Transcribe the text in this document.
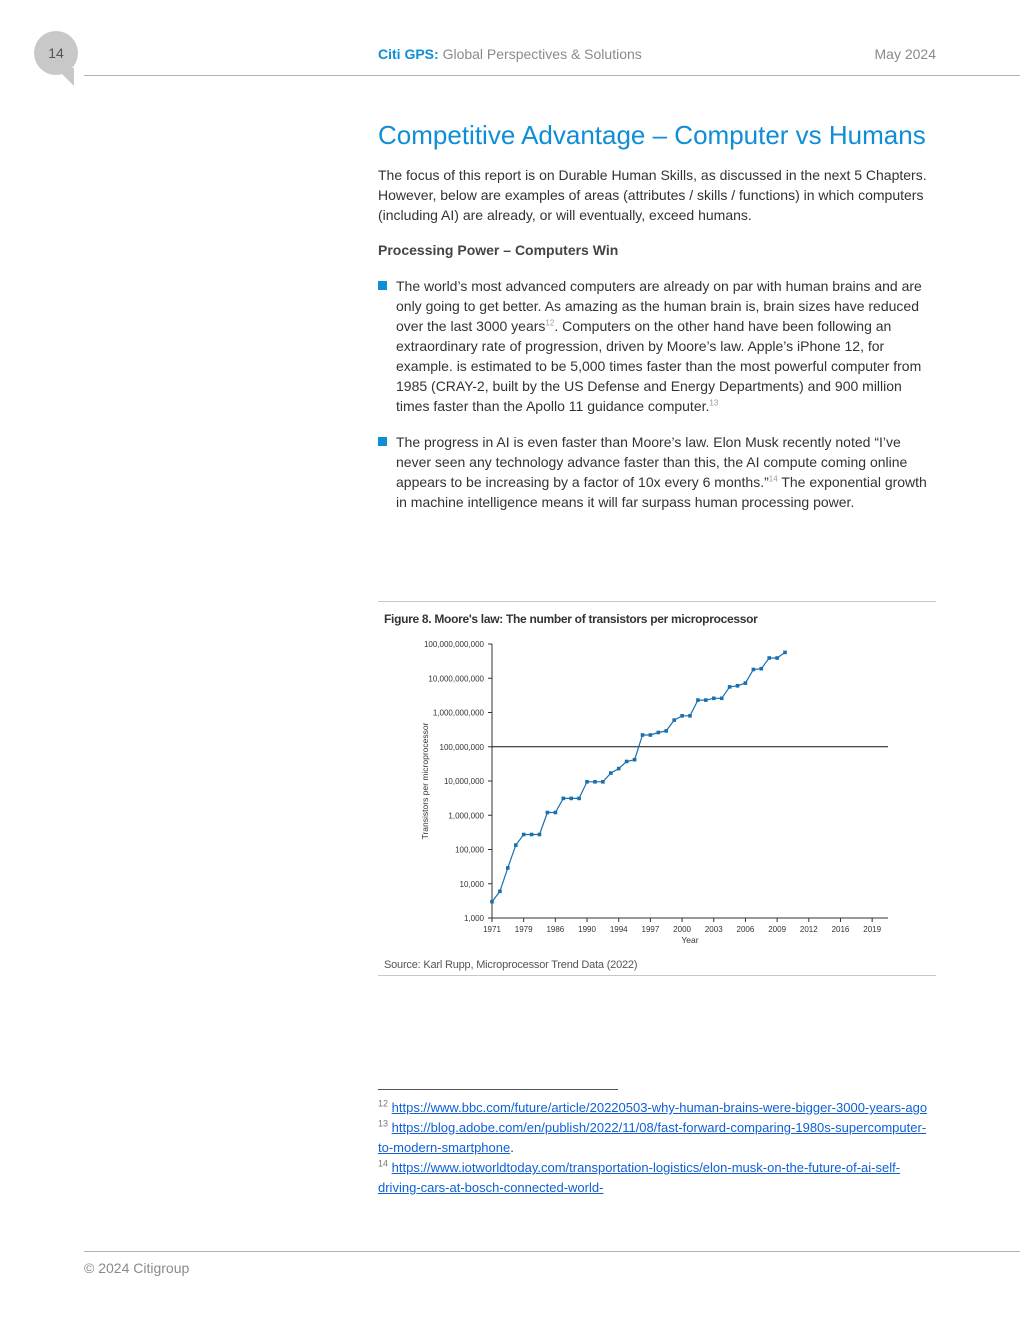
14	Citi GPS: Global Perspectives & Solutions	May 2024
Competitive Advantage – Computer vs Humans

The focus of this report is on Durable Human Skills, as discussed in the next 5 Chapters. However, below are examples of areas (attributes / skills / functions) in which computers (including AI) are already, or will eventually, exceed humans.

Processing Power – Computers Win
The world’s most advanced computers are already on par with human brains and are only going to get better. As amazing as the human brain is, brain sizes have reduced over the last 3000 years$^{12}$. Computers on the other hand have been following an extraordinary rate of progression, driven by Moore’s law. Apple’s iPhone 12, for example. is estimated to be 5,000 times faster than the most powerful computer from 1985 (CRAY-2, built by the US Defense and Energy Departments) and 900 million times faster than the Apollo 11 guidance computer.$^{13}$
The progress in AI is even faster than Moore’s law. Elon Musk recently noted “I’ve never seen any technology advance faster than this, the AI compute coming online appears to be increasing by a factor of 10x every 6 months.”$^{14}$ The exponential growth in machine intelligence means it will far surpass human processing power.
Figure 8. Moore's law: The number of transistors per microprocessor
1,000
10,000
100,000
1,000,000
10,000,000
100,000,000
1,000,000,000
10,000,000,000
100,000,000,000
1971 1979 1986 1990 1994 1997 2000 2003 2006 2009 2012 2016 2019
Year
Transistors per microprocessor
Source: Karl Rupp, Microprocessor Trend Data (2022)

$^{12}$ https://www.bbc.com/future/article/20220503-why-human-brains-were-bigger-3000-years-ago

$^{13}$ https://blog.adobe.com/en/publish/2022/11/08/fast-forward-comparing-1980s-supercomputer-to-modern-smartphone.

$^{14}$ https://www.iotworldtoday.com/transportation-logistics/elon-musk-on-the-future-of-ai-self-driving-cars-at-bosch-connected-world-

© 2024 Citigroup
